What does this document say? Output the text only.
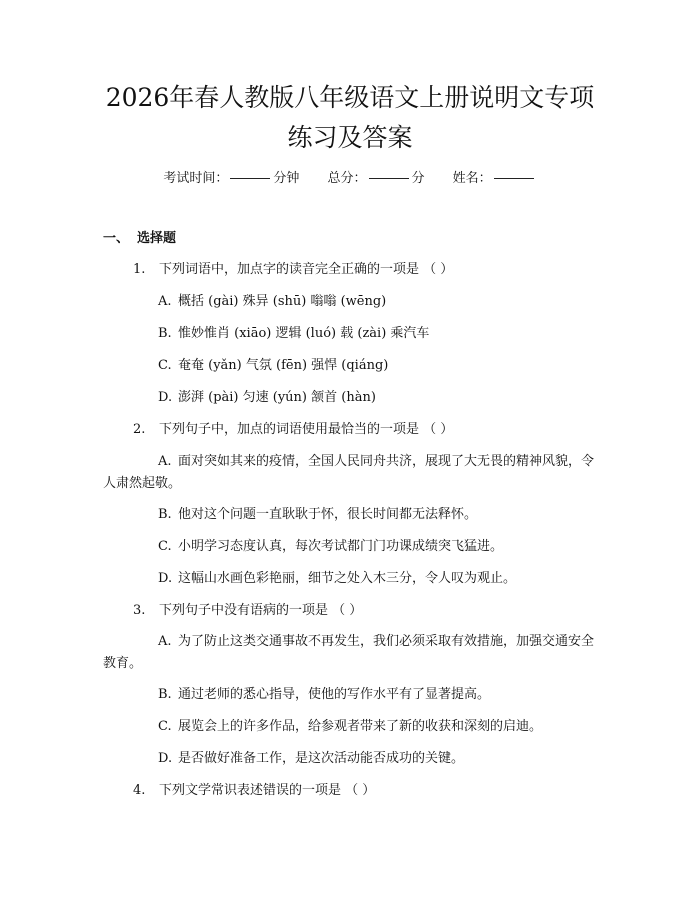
2026年春人教版八年级语文上册说明文专项
练习及答案
考试时间：	分钟 总分：	分 姓名：
一、 选择题
1. 下列词语中，加点字的读音完全正确的一项是 （ ）
A. 概括 (gài) 殊异 (shū) 嗡嗡 (wēng)
B. 惟妙惟肖 (xiāo) 逻辑 (luó) 载 (zài) 乘汽车
C. 奄奄 (yǎn) 气氛 (fēn) 强悍 (qiáng)
D. 澎湃 (pài) 匀速 (yún) 颔首 (hàn)
2. 下列句子中，加点的词语使用最恰当的一项是 （ ）
A. 面对突如其来的疫情，全国人民同舟共济，展现了大无畏的精神风貌，令人肃然起敬。
B. 他对这个问题一直耿耿于怀，很长时间都无法释怀。
C. 小明学习态度认真，每次考试都门门功课成绩突飞猛进。
D. 这幅山水画色彩艳丽，细节之处入木三分，令人叹为观止。
3. 下列句子中没有语病的一项是 （ ）
A. 为了防止这类交通事故不再发生，我们必须采取有效措施，加强交通安全教育。
B. 通过老师的悉心指导，使他的写作水平有了显著提高。
C. 展览会上的许多作品，给参观者带来了新的收获和深刻的启迪。
D. 是否做好准备工作，是这次活动能否成功的关键。
4. 下列文学常识表述错误的一项是 （ ）
